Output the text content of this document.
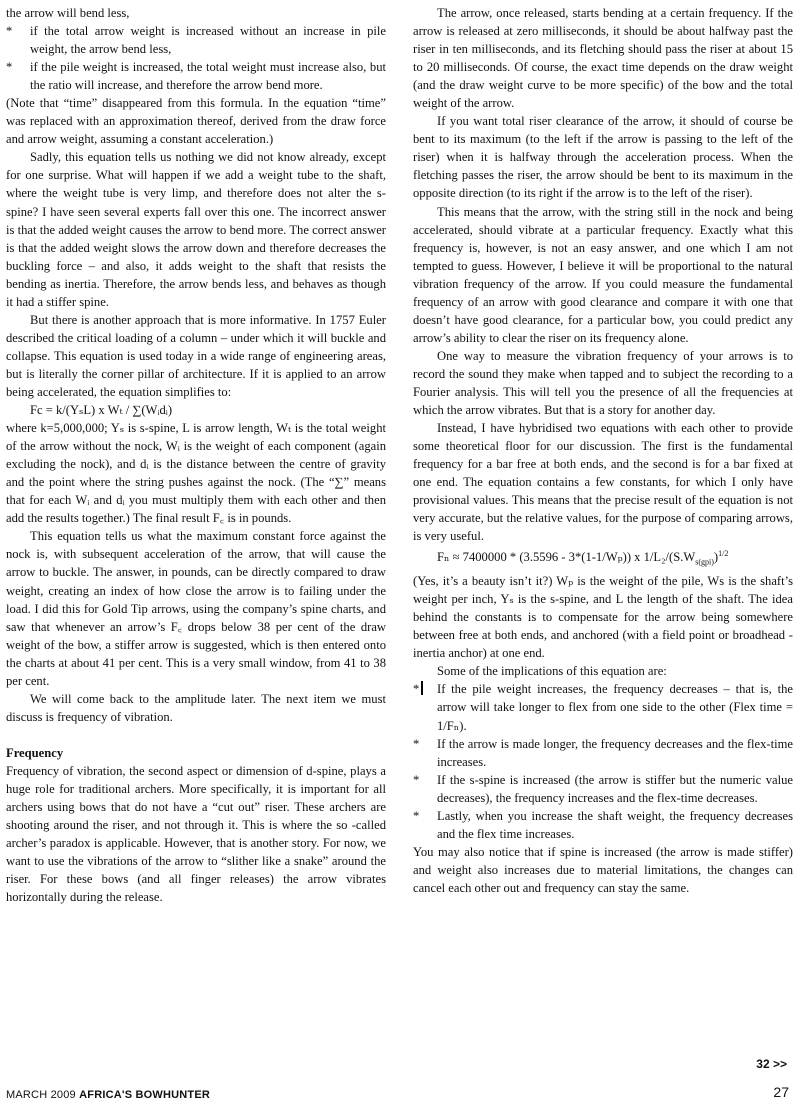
the arrow will bend less,

* if the total arrow weight is increased without an increase in pile weight, the arrow bend less,

* if the pile weight is increased, the total weight must increase also, but the ratio will increase, and therefore the arrow bend more.

(Note that “time” disappeared from this formula. In the equation “time” was replaced with an approximation thereof, derived from the draw force and arrow weight, assuming a constant acceleration.)

Sadly, this equation tells us nothing we did not know already, except for one surprise. What will happen if we add a weight tube to the shaft, where the weight tube is very limp, and therefore does not alter the s-spine? I have seen several experts fall over this one. The incorrect answer is that the added weight causes the arrow to bend more. The correct answer is that the added weight slows the arrow down and therefore decreases the buckling force – and also, it adds weight to the shaft that resists the bending as inertia. Therefore, the arrow bends less, and behaves as though it had a stiffer spine.

But there is another approach that is more informative. In 1757 Euler described the critical loading of a column – under which it will buckle and collapse. This equation is used today in a wide range of engineering areas, but is literally the corner pillar of architecture. If it is applied to an arrow being accelerated, the equation simplifies to:

Fc = k/(YₛL) x Wₜ / ∑(Wᵢdᵢ)

where k=5,000,000; Yₛ is s-spine, L is arrow length, Wₜ is the total weight of the arrow without the nock, Wᵢ is the weight of each component (again excluding the nock), and dᵢ is the distance between the centre of gravity and the point where the string pushes against the nock. (The “∑” means that for each Wᵢ and dᵢ you must multiply them with each other and then add the results together.) The final result F꜀ is in pounds.

This equation tells us what the maximum constant force against the nock is, with subsequent acceleration of the arrow, that will cause the arrow to buckle. The answer, in pounds, can be directly compared to draw weight, creating an index of how close the arrow is to failing under the load. I did this for Gold Tip arrows, using the company’s spine charts, and saw that whenever an arrow’s F꜀ drops below 38 per cent of the draw weight of the bow, a stiffer arrow is suggested, which is then entered onto the charts at about 41 per cent. This is a very small window, from 41 to 38 per cent.

We will come back to the amplitude later. The next item we must discuss is frequency of vibration.

Frequency

Frequency of vibration, the second aspect or dimension of d-spine, plays a huge role for traditional archers. More specifically, it is important for all archers using bows that do not have a “cut out” riser. These archers are shooting around the riser, and not through it. This is where the so -called archer’s paradox is applicable. However, that is another story. For now, we want to use the vibrations of the arrow to “slither like a snake” around the riser. For these bows (and all finger releases) the arrow vibrates horizontally during the release.

The arrow, once released, starts bending at a certain frequency. If the arrow is released at zero milliseconds, it should be about halfway past the riser in ten milliseconds, and its fletching should pass the riser at about 15 to 20 milliseconds. Of course, the exact time depends on the draw weight (and the draw weight curve to be more specific) of the bow and the total weight of the arrow.

If you want total riser clearance of the arrow, it should of course be bent to its maximum (to the left if the arrow is passing to the left of the riser) when it is halfway through the acceleration process. When the fletching passes the riser, the arrow should be bent to its maximum in the opposite direction (to its right if the arrow is to the left of the riser).

This means that the arrow, with the string still in the nock and being accelerated, should vibrate at a particular frequency. Exactly what this frequency is, however, is not an easy answer, and one which I am not tempted to guess. However, I believe it will be proportional to the natural vibration frequency of the arrow. If you could measure the fundamental frequency of an arrow with good clearance and compare it with one that doesn’t have good clearance, for a particular bow, you could predict any arrow’s ability to clear the riser on its frequency alone.

One way to measure the vibration frequency of your arrows is to record the sound they make when tapped and to subject the recording to a Fourier analysis. This will tell you the presence of all the frequencies at which the arrow vibrates. But that is a story for another day.

Instead, I have hybridised two equations with each other to provide some theoretical floor for our discussion. The first is the fundamental frequency for a bar free at both ends, and the second is for a bar fixed at one end. The equation contains a few constants, for which I only have provisional values. This means that the precise result of the equation is not very accurate, but the relative values, for the purpose of comparing arrows, is very useful.

Fₙ ≈ 7400000 * (3.5596 - 3*(1-1/Wₚ)) x $1/L_2/(S.W_{s(gpi)})^{1/2}$

(Yes, it’s a beauty isn’t it?) Wₚ is the weight of the pile, Ws is the shaft’s weight per inch, Yₛ is the s-spine, and L the length of the shaft. The idea behind the constants is to compensate for the arrow being somewhere between free at both ends, and anchored (with a field point or broadhead - inertia anchor) at one end.

Some of the implications of this equation are:

* If the pile weight increases, the frequency decreases – that is, the arrow will take longer to flex from one side to the other (Flex time = 1/Fₙ).

* If the arrow is made longer, the frequency decreases and the flex-time increases.

* If the s-spine is increased (the arrow is stiffer but the numeric value decreases), the frequency increases and the flex-time decreases.

* Lastly, when you increase the shaft weight, the frequency decreases and the flex time increases.

You may also notice that if spine is increased (the arrow is made stiffer) and weight also increases due to material limitations, the changes can cancel each other out and frequency can stay the same.

32 >>
MARCH 2009 AFRICA'S BOWHUNTER	27
